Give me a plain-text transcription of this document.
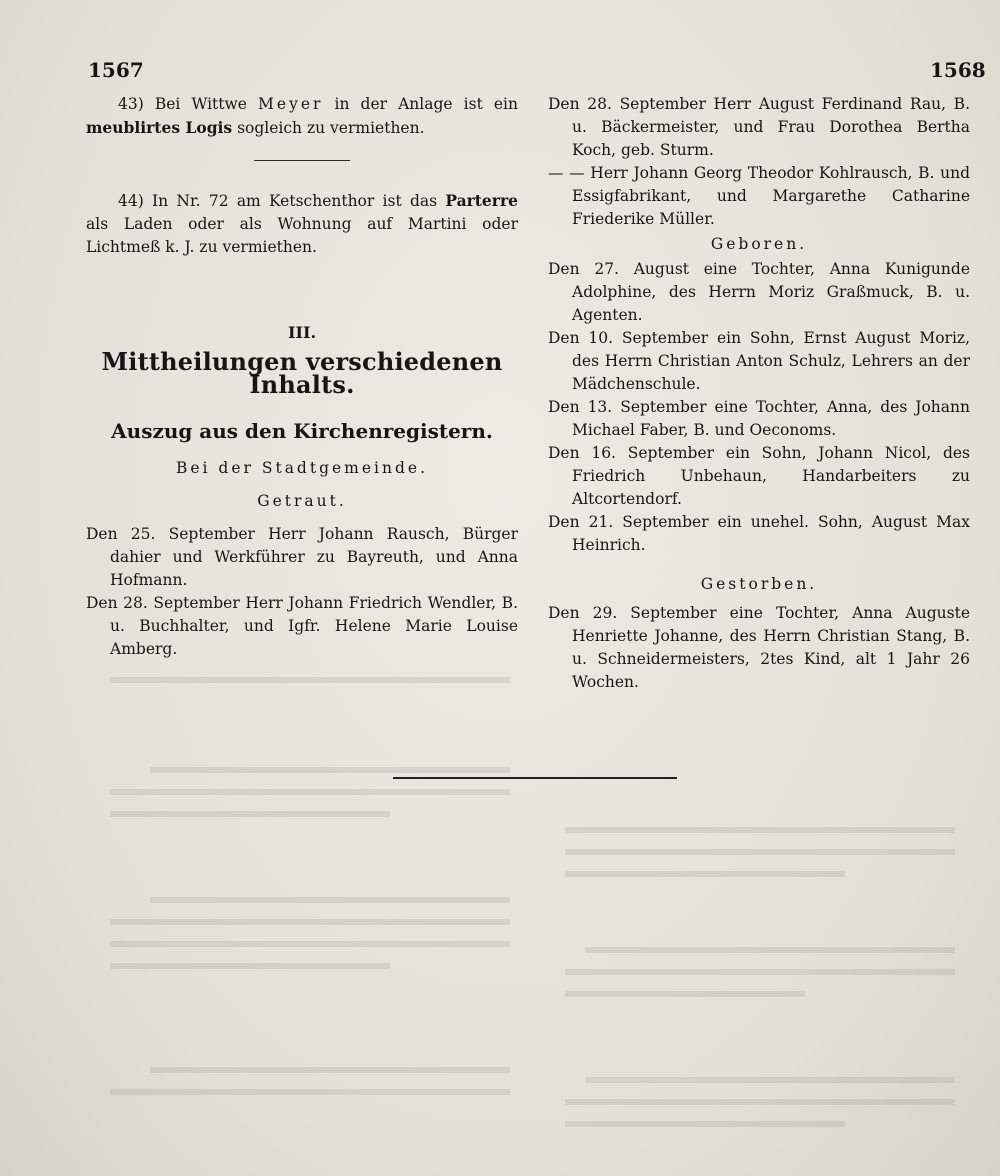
1567	1568

43) Bei Wittwe Meyer in der Anlage ist ein meublirtes Logis sogleich zu vermiethen.

44) In Nr. 72 am Ketschenthor ist das Parterre als Laden oder als Wohnung auf Martini oder Lichtmeß k. J. zu vermiethen.

III.
Mittheilungen verschiedenen Inhalts.
Auszug aus den Kirchenregistern.
Bei der Stadtgemeinde.
Getraut.

Den 25. September Herr Johann Rausch, Bürger dahier und Werkführer zu Bayreuth, und Anna Hofmann.

Den 28. September Herr Johann Friedrich Wendler, B. u. Buchhalter, und Igfr. Helene Marie Louise Amberg.

Den 28. September Herr August Ferdinand Rau, B. u. Bäckermeister, und Frau Dorothea Bertha Koch, geb. Sturm.

— — Herr Johann Georg Theodor Kohlrausch, B. und Essigfabrikant, und Margarethe Catharine Friederike Müller.

Geboren.

Den 27. August eine Tochter, Anna Kunigunde Adolphine, des Herrn Moriz Graßmuck, B. u. Agenten.

Den 10. September ein Sohn, Ernst August Moriz, des Herrn Christian Anton Schulz, Lehrers an der Mädchenschule.

Den 13. September eine Tochter, Anna, des Johann Michael Faber, B. und Oeconoms.

Den 16. September ein Sohn, Johann Nicol, des Friedrich Unbehaun, Handarbeiters zu Altcortendorf.

Den 21. September ein unehel. Sohn, August Max Heinrich.

Gestorben.

Den 29. September eine Tochter, Anna Auguste Henriette Johanne, des Herrn Christian Stang, B. u. Schneidermeisters, 2tes Kind, alt 1 Jahr 26 Wochen.
